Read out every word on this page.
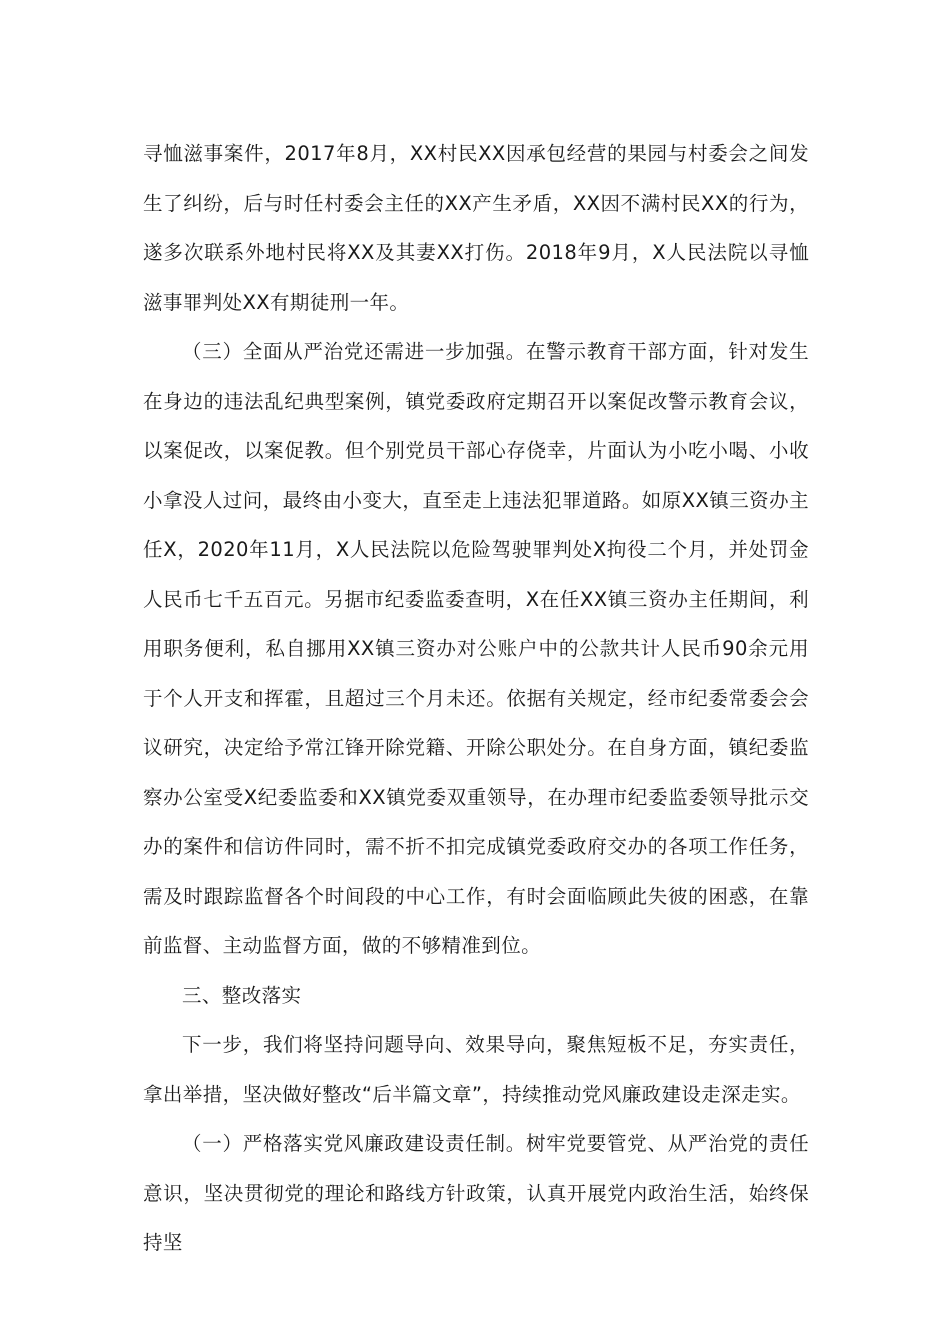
寻恤滋事案件，2017年8月，XX村民XX因承包经营的果园与村委会之间发生了纠纷，后与时任村委会主任的XX产生矛盾，XX因不满村民XX的行为，遂多次联系外地村民将XX及其妻XX打伤。2018年9月，X人民法院以寻恤滋事罪判处XX有期徒刑一年。

（三）全面从严治党还需进一步加强。在警示教育干部方面，针对发生在身边的违法乱纪典型案例，镇党委政府定期召开以案促改警示教育会议，以案促改，以案促教。但个别党员干部心存侥幸，片面认为小吃小喝、小收小拿没人过问，最终由小变大，直至走上违法犯罪道路。如原XX镇三资办主任X，2020年11月，X人民法院以危险驾驶罪判处X拘役二个月，并处罚金人民币七千五百元。另据市纪委监委查明，X在任XX镇三资办主任期间，利用职务便利，私自挪用XX镇三资办对公账户中的公款共计人民币90余元用于个人开支和挥霍，且超过三个月未还。依据有关规定，经市纪委常委会会议研究，决定给予常江锋开除党籍、开除公职处分。在自身方面，镇纪委监察办公室受X纪委监委和XX镇党委双重领导，在办理市纪委监委领导批示交办的案件和信访件同时，需不折不扣完成镇党委政府交办的各项工作任务，需及时跟踪监督各个时间段的中心工作，有时会面临顾此失彼的困惑，在靠前监督、主动监督方面，做的不够精准到位。

三、整改落实

下一步，我们将坚持问题导向、效果导向，聚焦短板不足，夯实责任，拿出举措，坚决做好整改“后半篇文章”，持续推动党风廉政建设走深走实。

（一）严格落实党风廉政建设责任制。树牢党要管党、从严治党的责任意识，坚决贯彻党的理论和路线方针政策，认真开展党内政治生活，始终保持坚
